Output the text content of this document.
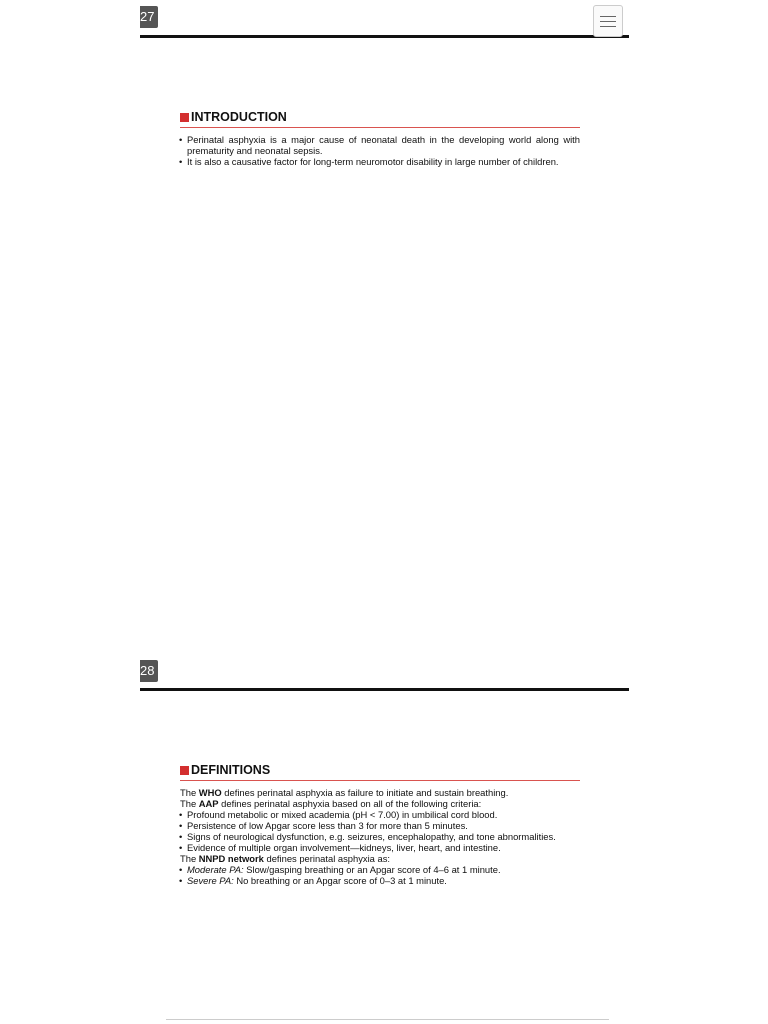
27
INTRODUCTION
• Perinatal asphyxia is a major cause of neonatal death in the developing world along with prematurity and neonatal sepsis.
• It is also a causative factor for long-term neuromotor disability in large number of children.
28
DEFINITIONS

The WHO defines perinatal asphyxia as failure to initiate and sustain breathing.

The AAP defines perinatal asphyxia based on all of the following criteria:

• Profound metabolic or mixed academia (pH < 7.00) in umbilical cord blood.
• Persistence of low Apgar score less than 3 for more than 5 minutes.
• Signs of neurological dysfunction, e.g. seizures, encephalopathy, and tone abnormalities.
• Evidence of multiple organ involvement—kidneys, liver, heart, and intestine.

The NNPD network defines perinatal asphyxia as:

• Moderate PA: Slow/gasping breathing or an Apgar score of 4–6 at 1 minute.
• Severe PA: No breathing or an Apgar score of 0–3 at 1 minute.
